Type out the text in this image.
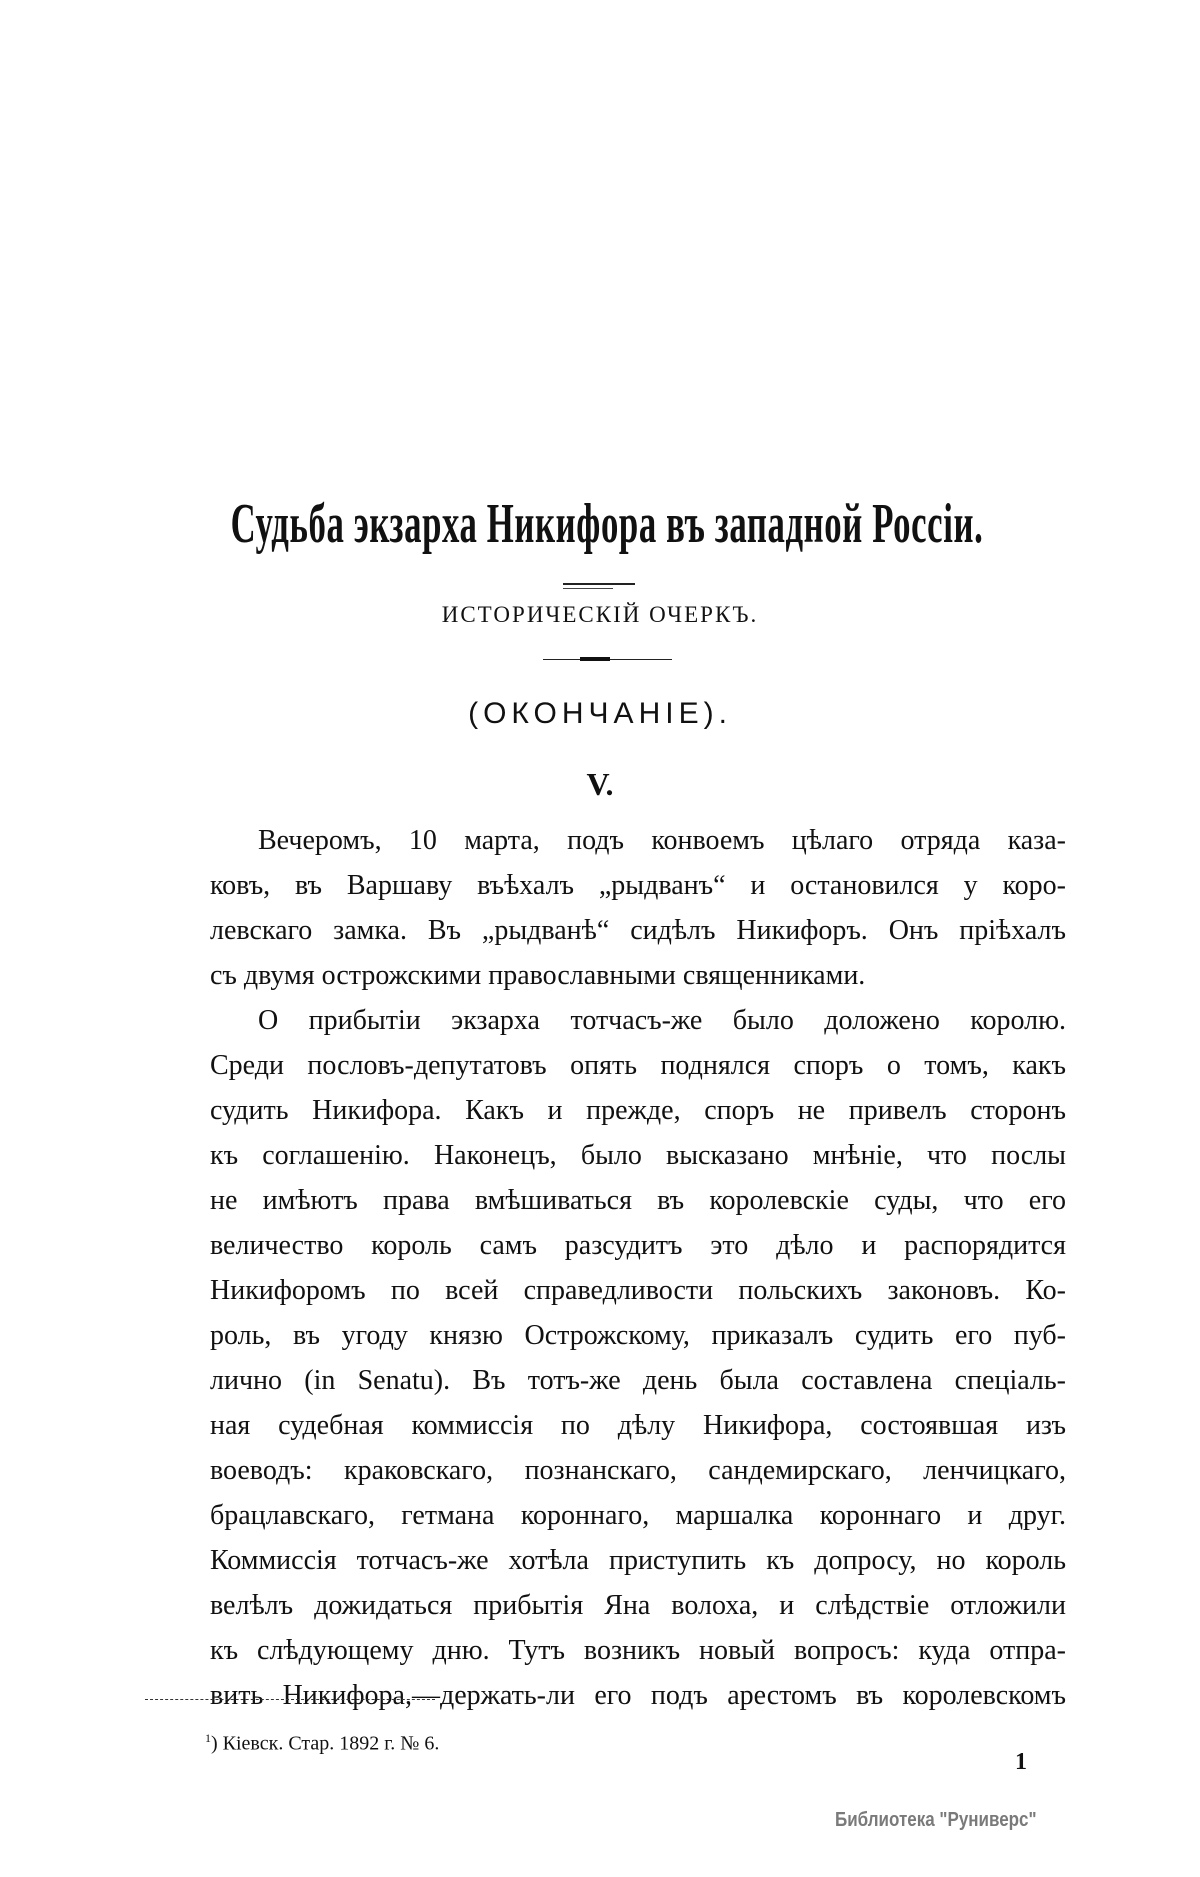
Судьба экзарха Никифора въ западной Россіи.
ИСТОРИЧЕСКІЙ ОЧЕРКЪ.
(ОКОНЧАНІЕ).
V.
Вечеромъ, 10 марта, подъ конвоемъ цѣлаго отряда каза-
ковъ, въ Варшаву въѣхалъ „рыдванъ“ и остановился у коро-
левскаго замка. Въ „рыдванѣ“ сидѣлъ Никифоръ. Онъ пріѣхалъ
съ двумя острожскими православными священниками.
О прибытіи экзарха тотчасъ-же было доложено королю.
Среди пословъ-депутатовъ опять поднялся споръ о томъ, какъ
судить Никифора. Какъ и прежде, споръ не привелъ сторонъ
къ соглашенію. Наконецъ, было высказано мнѣніе, что послы
не имѣютъ права вмѣшиваться въ королевскіе суды, что его
величество король самъ разсудитъ это дѣло и распорядится
Никифоромъ по всей справедливости польскихъ законовъ. Ко-
роль, въ угоду князю Острожскому, приказалъ судить его пуб-
лично (in Senatu). Въ тотъ-же день была составлена спеціаль-
ная судебная коммиссія по дѣлу Никифора, состоявшая изъ
воеводъ: краковскаго, познанскаго, сандемирскаго, ленчицкаго,
брацлавскаго, гетмана короннаго, маршалка короннаго и друг.
Коммиссія тотчасъ-же хотѣла приступить къ допросу, но король
велѣлъ дожидаться прибытія Яна волоха, и слѣдствіе отложили
къ слѣдующему дню. Тутъ возникъ новый вопросъ: куда отпра-
вить Никифора,—держать-ли его подъ арестомъ въ королевскомъ
$^1$) Кіевск. Стар. 1892 г. № 6.
1
Библиотека "Руниверс"
